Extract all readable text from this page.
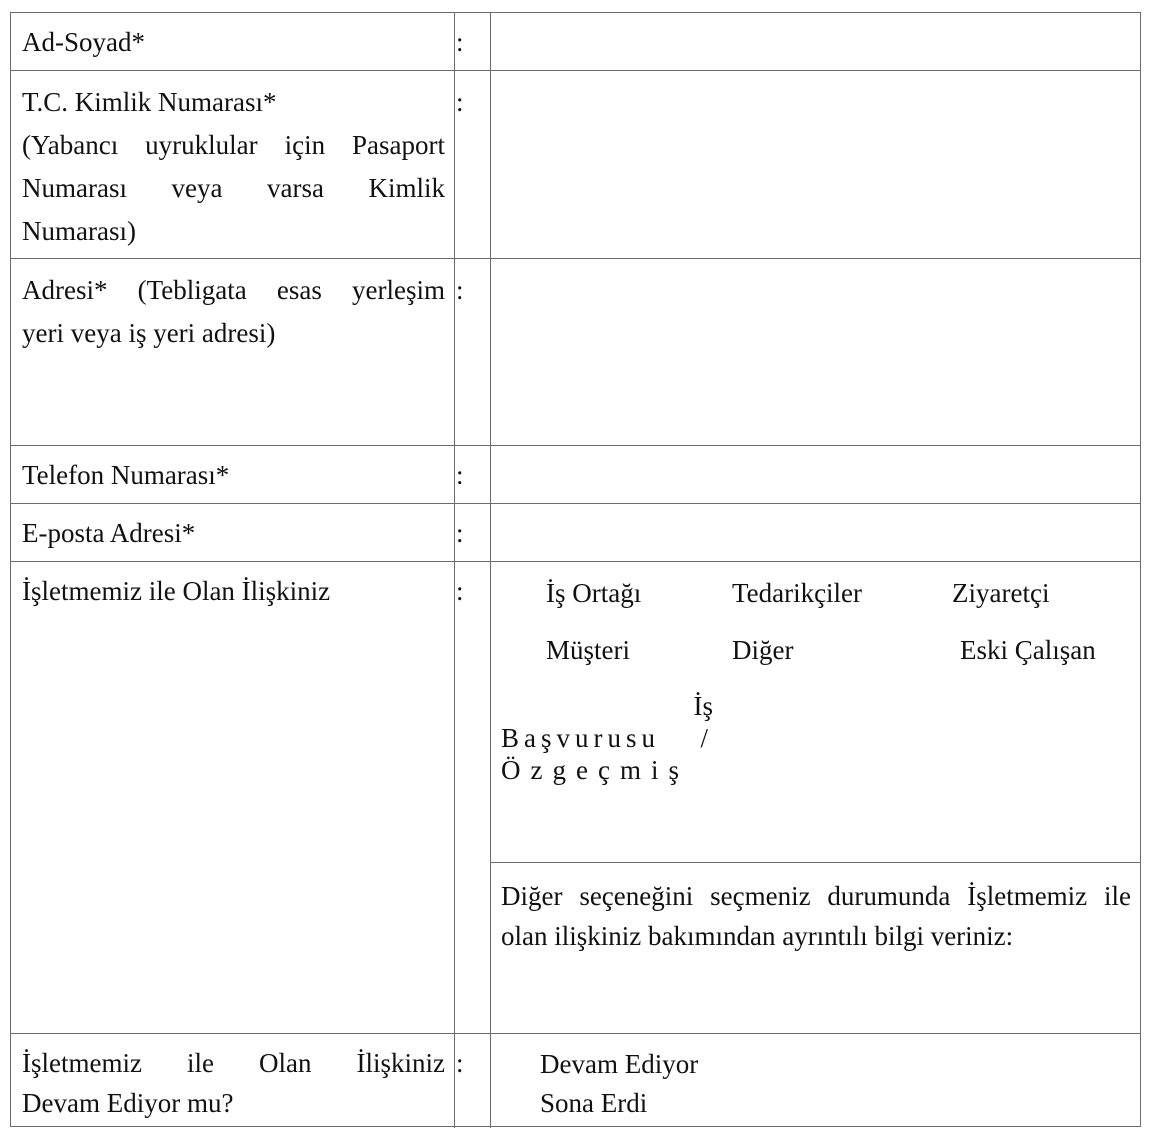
Ad-Soyad*	:
T.C. Kimlik Numarası*
(Yabancı uyruklular için Pasaport Numarası veya varsa Kimlik
Numarası)
:
Adresi* (Tebligata esas yerleşim
yeri veya iş yeri adresi)
:
Telefon Numarası*	:
E-posta Adresi*	:
İşletmemiz ile Olan İlişkiniz	:	İş Ortağı	Tedarikçiler	Ziyaretçi
Müşteri	Diğer	Eski Çalışan
İş
Başvurusu /
Özgeçmiş
Diğer seçeneğini seçmeniz durumunda İşletmemiz ile olan ilişkiniz bakımından ayrıntılı bilgi veriniz:
İşletmemiz ile Olan İlişkiniz
Devam Ediyor mu?
:	Devam Ediyor
Sona Erdi
